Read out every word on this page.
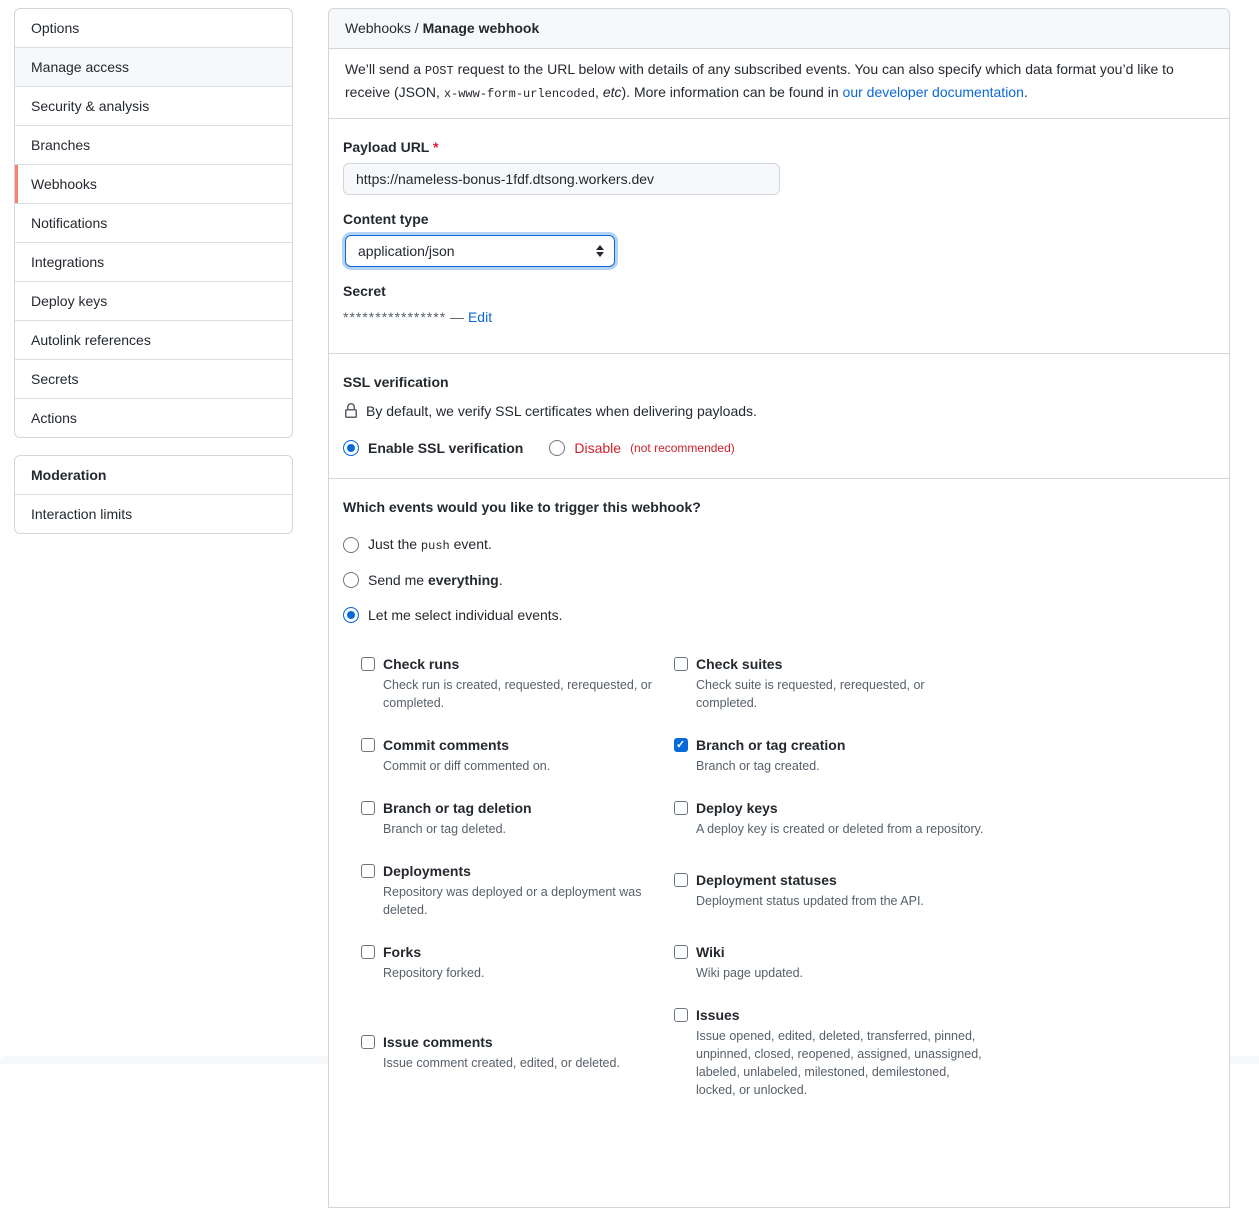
Options
Manage access
Security & analysis
Branches
Webhooks
Notifications
Integrations
Deploy keys
Autolink references
Secrets
Actions
Moderation
Interaction limits
Webhooks / Manage webhook
We’ll send a POST request to the URL below with details of any subscribed events. You can also specify which data format you’d like to receive (JSON, x-www-form-urlencoded, etc). More information can be found in our developer documentation.
Payload URL *
https://nameless-bonus-1fdf.dtsong.workers.dev
Content type
application/json
Secret
**************** — Edit
SSL verification
By default, we verify SSL certificates when delivering payloads.
Enable SSL verification	Disable (not recommended)
Which events would you like to trigger this webhook?
Just the push event.
Send me everything.
Let me select individual events.
Check runs
Check run is created, requested, rerequested, or completed.
Check suites
Check suite is requested, rerequested, or completed.
Commit comments
Commit or diff commented on.
✓
Branch or tag creation
Branch or tag created.
Branch or tag deletion
Branch or tag deleted.
Deploy keys
A deploy key is created or deleted from a repository.
Deployments
Repository was deployed or a deployment was deleted.
Deployment statuses
Deployment status updated from the API.
Forks
Repository forked.
Wiki
Wiki page updated.
Issue comments
Issue comment created, edited, or deleted.
Issues
Issue opened, edited, deleted, transferred, pinned, unpinned, closed, reopened, assigned, unassigned, labeled, unlabeled, milestoned, demilestoned, locked, or unlocked.
